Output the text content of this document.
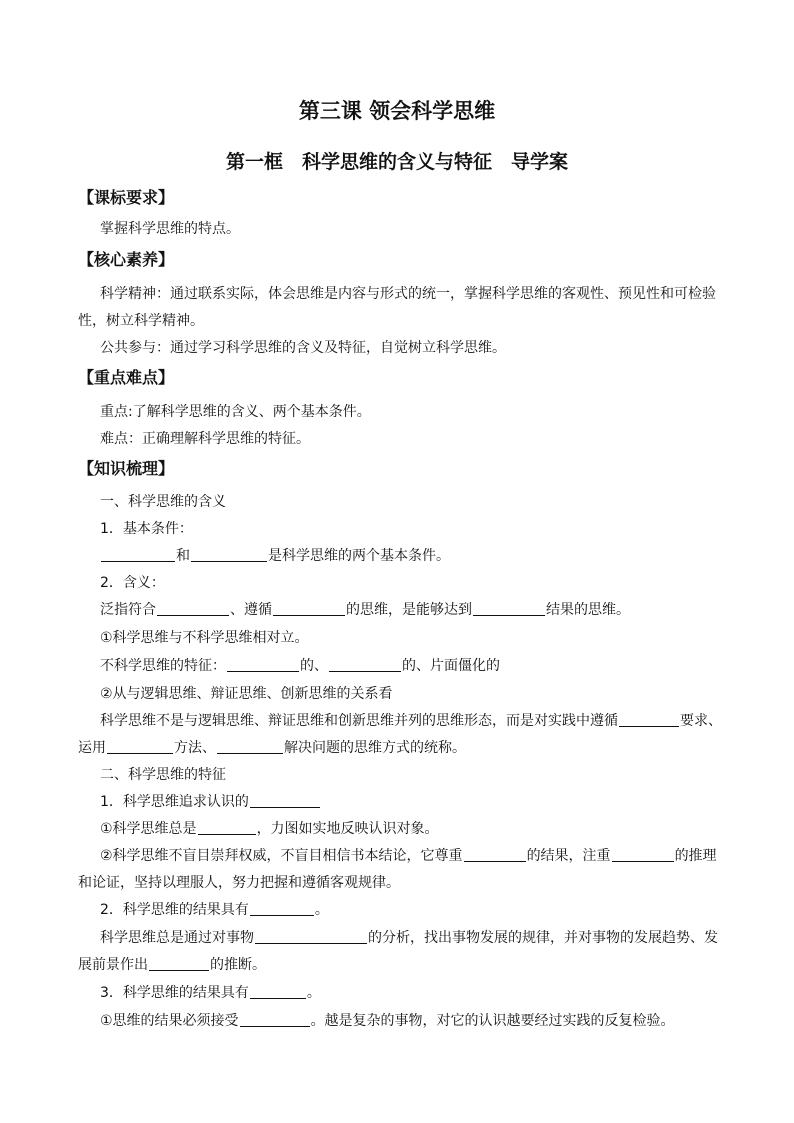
第三课 领会科学思维
第一框　科学思维的含义与特征　导学案
【课标要求】
掌握科学思维的特点。
【核心素养】
科学精神：通过联系实际，体会思维是内容与形式的统一，掌握科学思维的客观性、预见性和可检验
性，树立科学精神。
公共参与：通过学习科学思维的含义及特征，自觉树立科学思维。
【重点难点】
重点:了解科学思维的含义、两个基本条件。
难点：正确理解科学思维的特征。
【知识梳理】
一、科学思维的含义
1．基本条件：
和	是科学思维的两个基本条件。
2．含义：
泛指符合	、遵循	的思维，是能够达到	结果的思维。
①科学思维与不科学思维相对立。
不科学思维的特征：	的、	的、片面僵化的
②从与逻辑思维、辩证思维、创新思维的关系看
科学思维不是与逻辑思维、辩证思维和创新思维并列的思维形态，而是对实践中遵循	要求、
运用	方法、	解决问题的思维方式的统称。
二、科学思维的特征
1．科学思维追求认识的
①科学思维总是	，力图如实地反映认识对象。
②科学思维不盲目崇拜权威，不盲目相信书本结论，它尊重	的结果，注重	的推理
和论证，坚持以理服人，努力把握和遵循客观规律。
2．科学思维的结果具有	。
科学思维总是通过对事物	的分析，找出事物发展的规律，并对事物的发展趋势、发
展前景作出	的推断。
3．科学思维的结果具有	。
①思维的结果必须接受	。越是复杂的事物，对它的认识越要经过实践的反复检验。
